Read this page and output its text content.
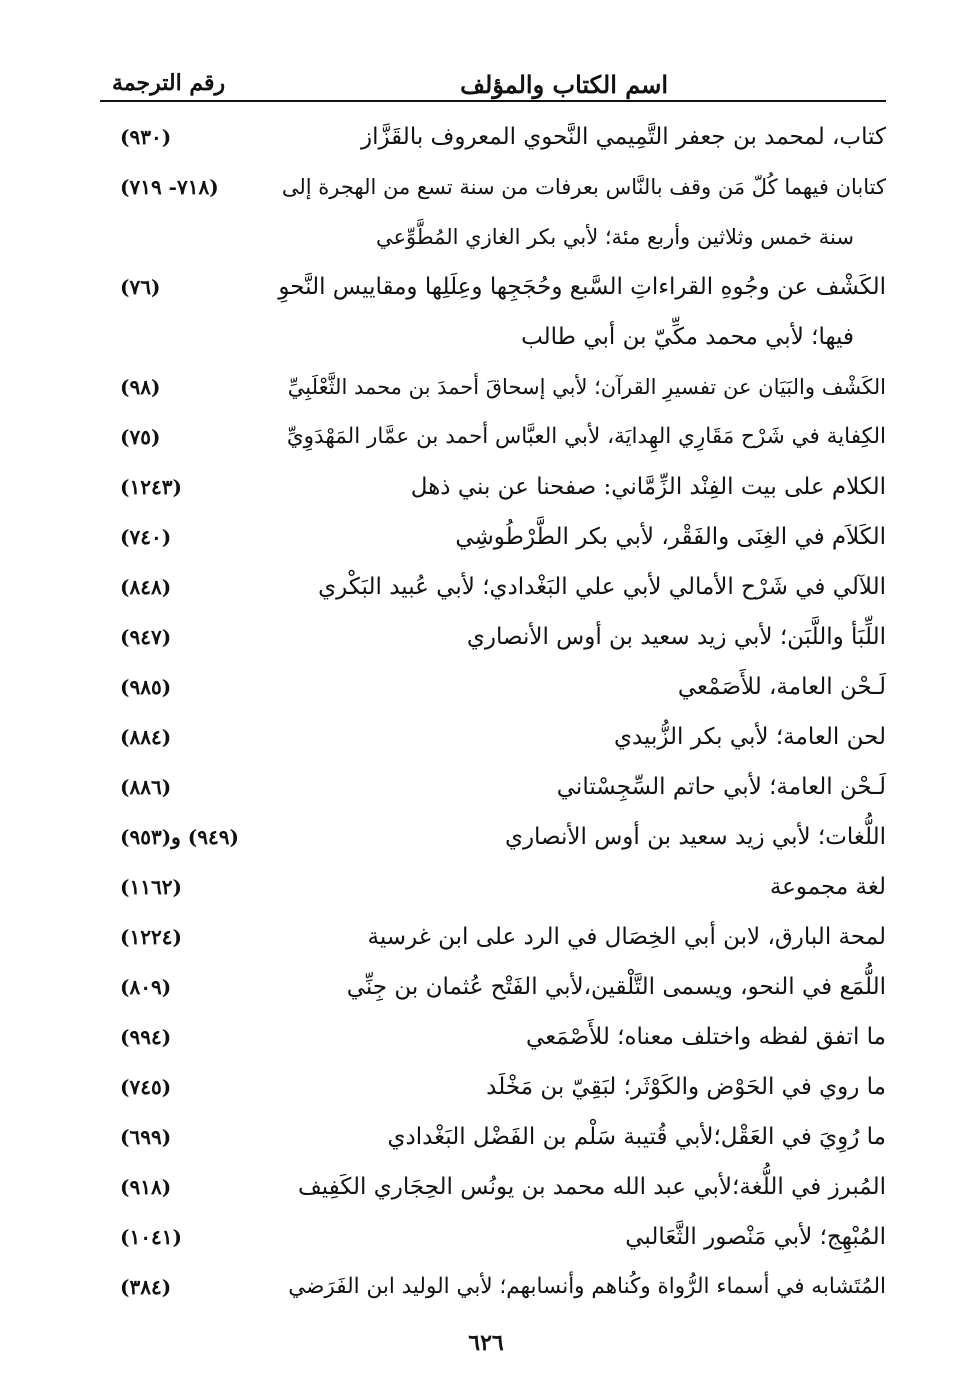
اسم الكتاب والمؤلف
رقم الترجمة
كتاب، لمحمد بن جعفر التَّمِيمي النَّحوي المعروف بالقَزَّاز
(٩٣٠)
كتابان فيهما كُلّ مَن وقف بالنَّاس بعرفات من سنة تسع من الهجرة إلى
سنة خمس وثلاثين وأربع مئة؛ لأبي بكر الغازي المُطَّوِّعي
(٧١٨- ٧١٩)
الكَشْف عن وجُوهِ القراءاتِ السَّبع وحُجَجِها وعِلَلِها ومقاييس النَّحوِ
فيها؛ لأبي محمد مكِّيّ بن أبي طالب
(٧٦)
الكَشْف والبَيَان عن تفسيرِ القرآن؛ لأبي إسحاقَ أحمدَ بن محمد الثَّعْلَبِيِّ
(٩٨)
الكِفاية في شَرْح مَقَارِي الهِدايَة، لأبي العبَّاس أحمد بن عمَّار المَهْدَوِيِّ
(٧٥)
الكلام على بيت الفِنْد الزِّمَّاني: صفحنا عن بني ذهل
(١٢٤٣)
الكَلاَم في الغِنَى والفَقْر، لأبي بكر الطَّرْطُوشِي
(٧٤٠)
اللآلي في شَرْح الأمالي لأبي علي البَغْدادي؛ لأبي عُبيد البَكْري
(٨٤٨)
اللِّبَأ واللَّبَن؛ لأبي زيد سعيد بن أوس الأنصاري
(٩٤٧)
لَـحْن العامة، للأَصَمْعي
(٩٨٥)
لحن العامة؛ لأبي بكر الزُّبيدي
(٨٨٤)
لَـحْن العامة؛ لأبي حاتم السِّجِسْتاني
(٨٨٦)
اللُّغات؛ لأبي زيد سعيد بن أوس الأنصاري
(٩٤٩) و(٩٥٣)
لغة مجموعة
(١١٦٢)
لمحة البارق، لابن أبي الخِصَال في الرد على ابن غرسية
(١٢٢٤)
اللُّمَع في النحو، ويسمى التَّلْقين،لأبي الفَتْح عُثمان بن جِنِّي
(٨٠٩)
ما اتفق لفظه واختلف معناه؛ للأَصْمَعي
(٩٩٤)
ما روي في الحَوْض والكَوْثَر؛ لبَقِيّ بن مَخْلَد
(٧٤٥)
ما رُوِيَ في العَقْل؛لأبي قُتيبة سَلْم بن الفَضْل البَغْدادي
(٦٩٩)
المُبرز في اللُّغة؛لأبي عبد الله محمد بن يونُس الحِجَاري الكَفِيف
(٩١٨)
المُبْهِج؛ لأبي مَنْصور الثَّعَالبي
(١٠٤١)
المُتَشابه في أسماء الرُّواة وكُناهم وأنسابهم؛ لأبي الوليد ابن الفَرَضي
(٣٨٤)
٦٢٦
